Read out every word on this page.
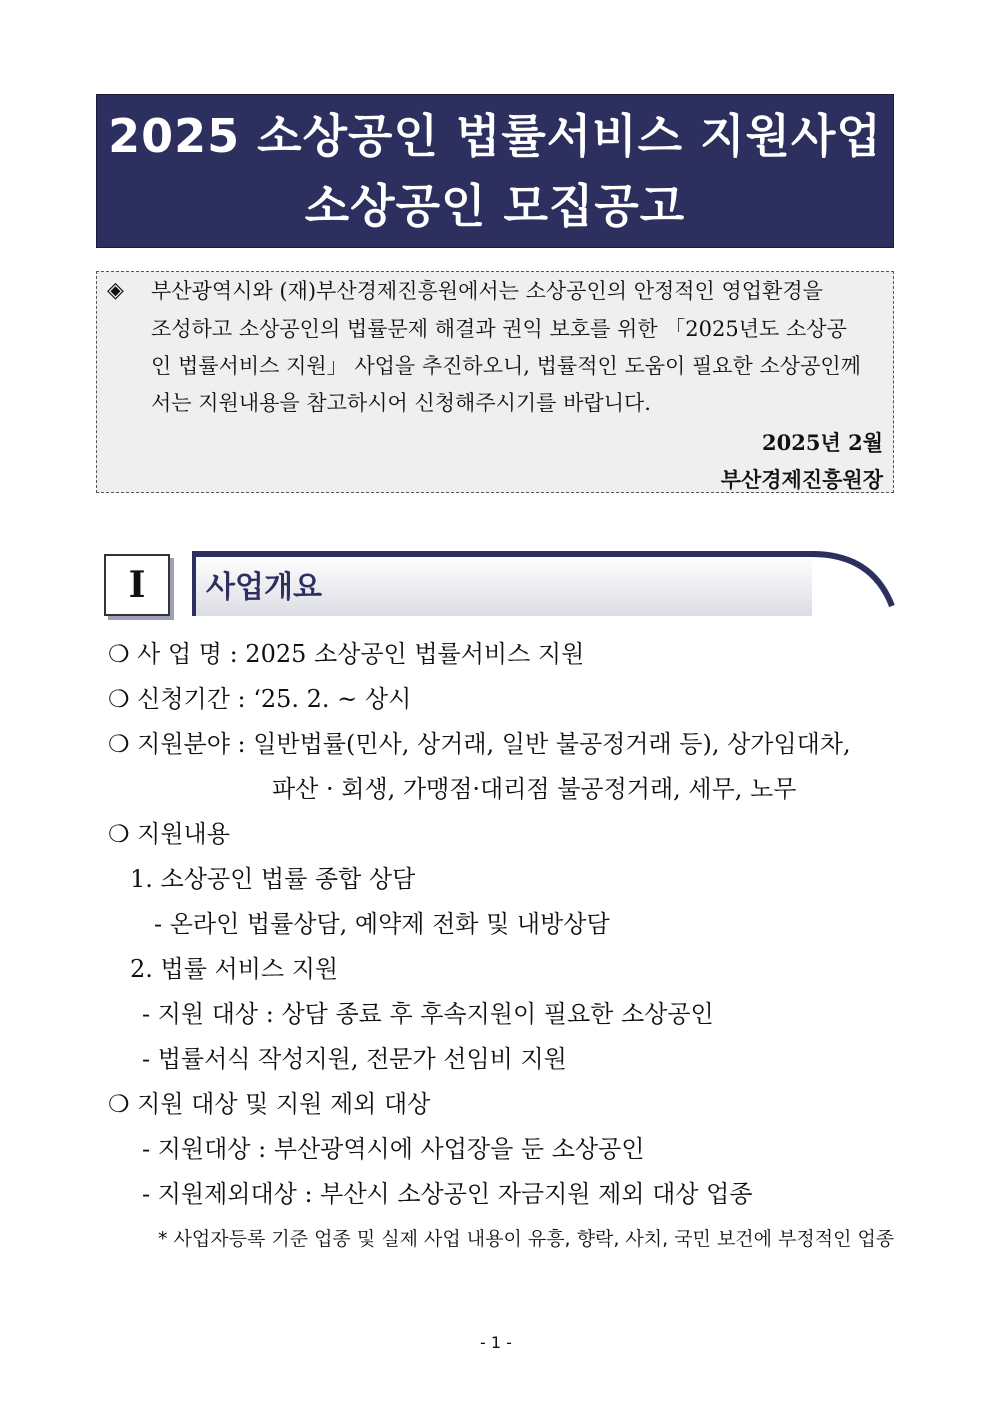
2025 소상공인 법률서비스 지원사업
소상공인 모집공고
◈ 부산광역시와 (재)부산경제진흥원에서는 소상공인의 안정적인 영업환경을
조성하고 소상공인의 법률문제 해결과 권익 보호를 위한 「2025년도 소상공
인 법률서비스 지원」 사업을 추진하오니, 법률적인 도움이 필요한 소상공인께
서는 지원내용을 참고하시어 신청해주시기를 바랍니다.
2025년 2월
부산경제진흥원장
I	사업개요
❍ 사 업 명 : 2025 소상공인 법률서비스 지원
❍ 신청기간 : ‘25. 2. ~ 상시
❍ 지원분야 : 일반법률(민사, 상거래, 일반 불공정거래 등), 상가임대차,
파산 · 회생, 가맹점·대리점 불공정거래, 세무, 노무
❍ 지원내용
1. 소상공인 법률 종합 상담
- 온라인 법률상담, 예약제 전화 및 내방상담
2. 법률 서비스 지원
- 지원 대상 : 상담 종료 후 후속지원이 필요한 소상공인
- 법률서식 작성지원, 전문가 선임비 지원
❍ 지원 대상 및 지원 제외 대상
- 지원대상 : 부산광역시에 사업장을 둔 소상공인
- 지원제외대상 : 부산시 소상공인 자금지원 제외 대상 업종
* 사업자등록 기준 업종 및 실제 사업 내용이 유흥, 향락, 사치, 국민 보건에 부정적인 업종
- 1 -
